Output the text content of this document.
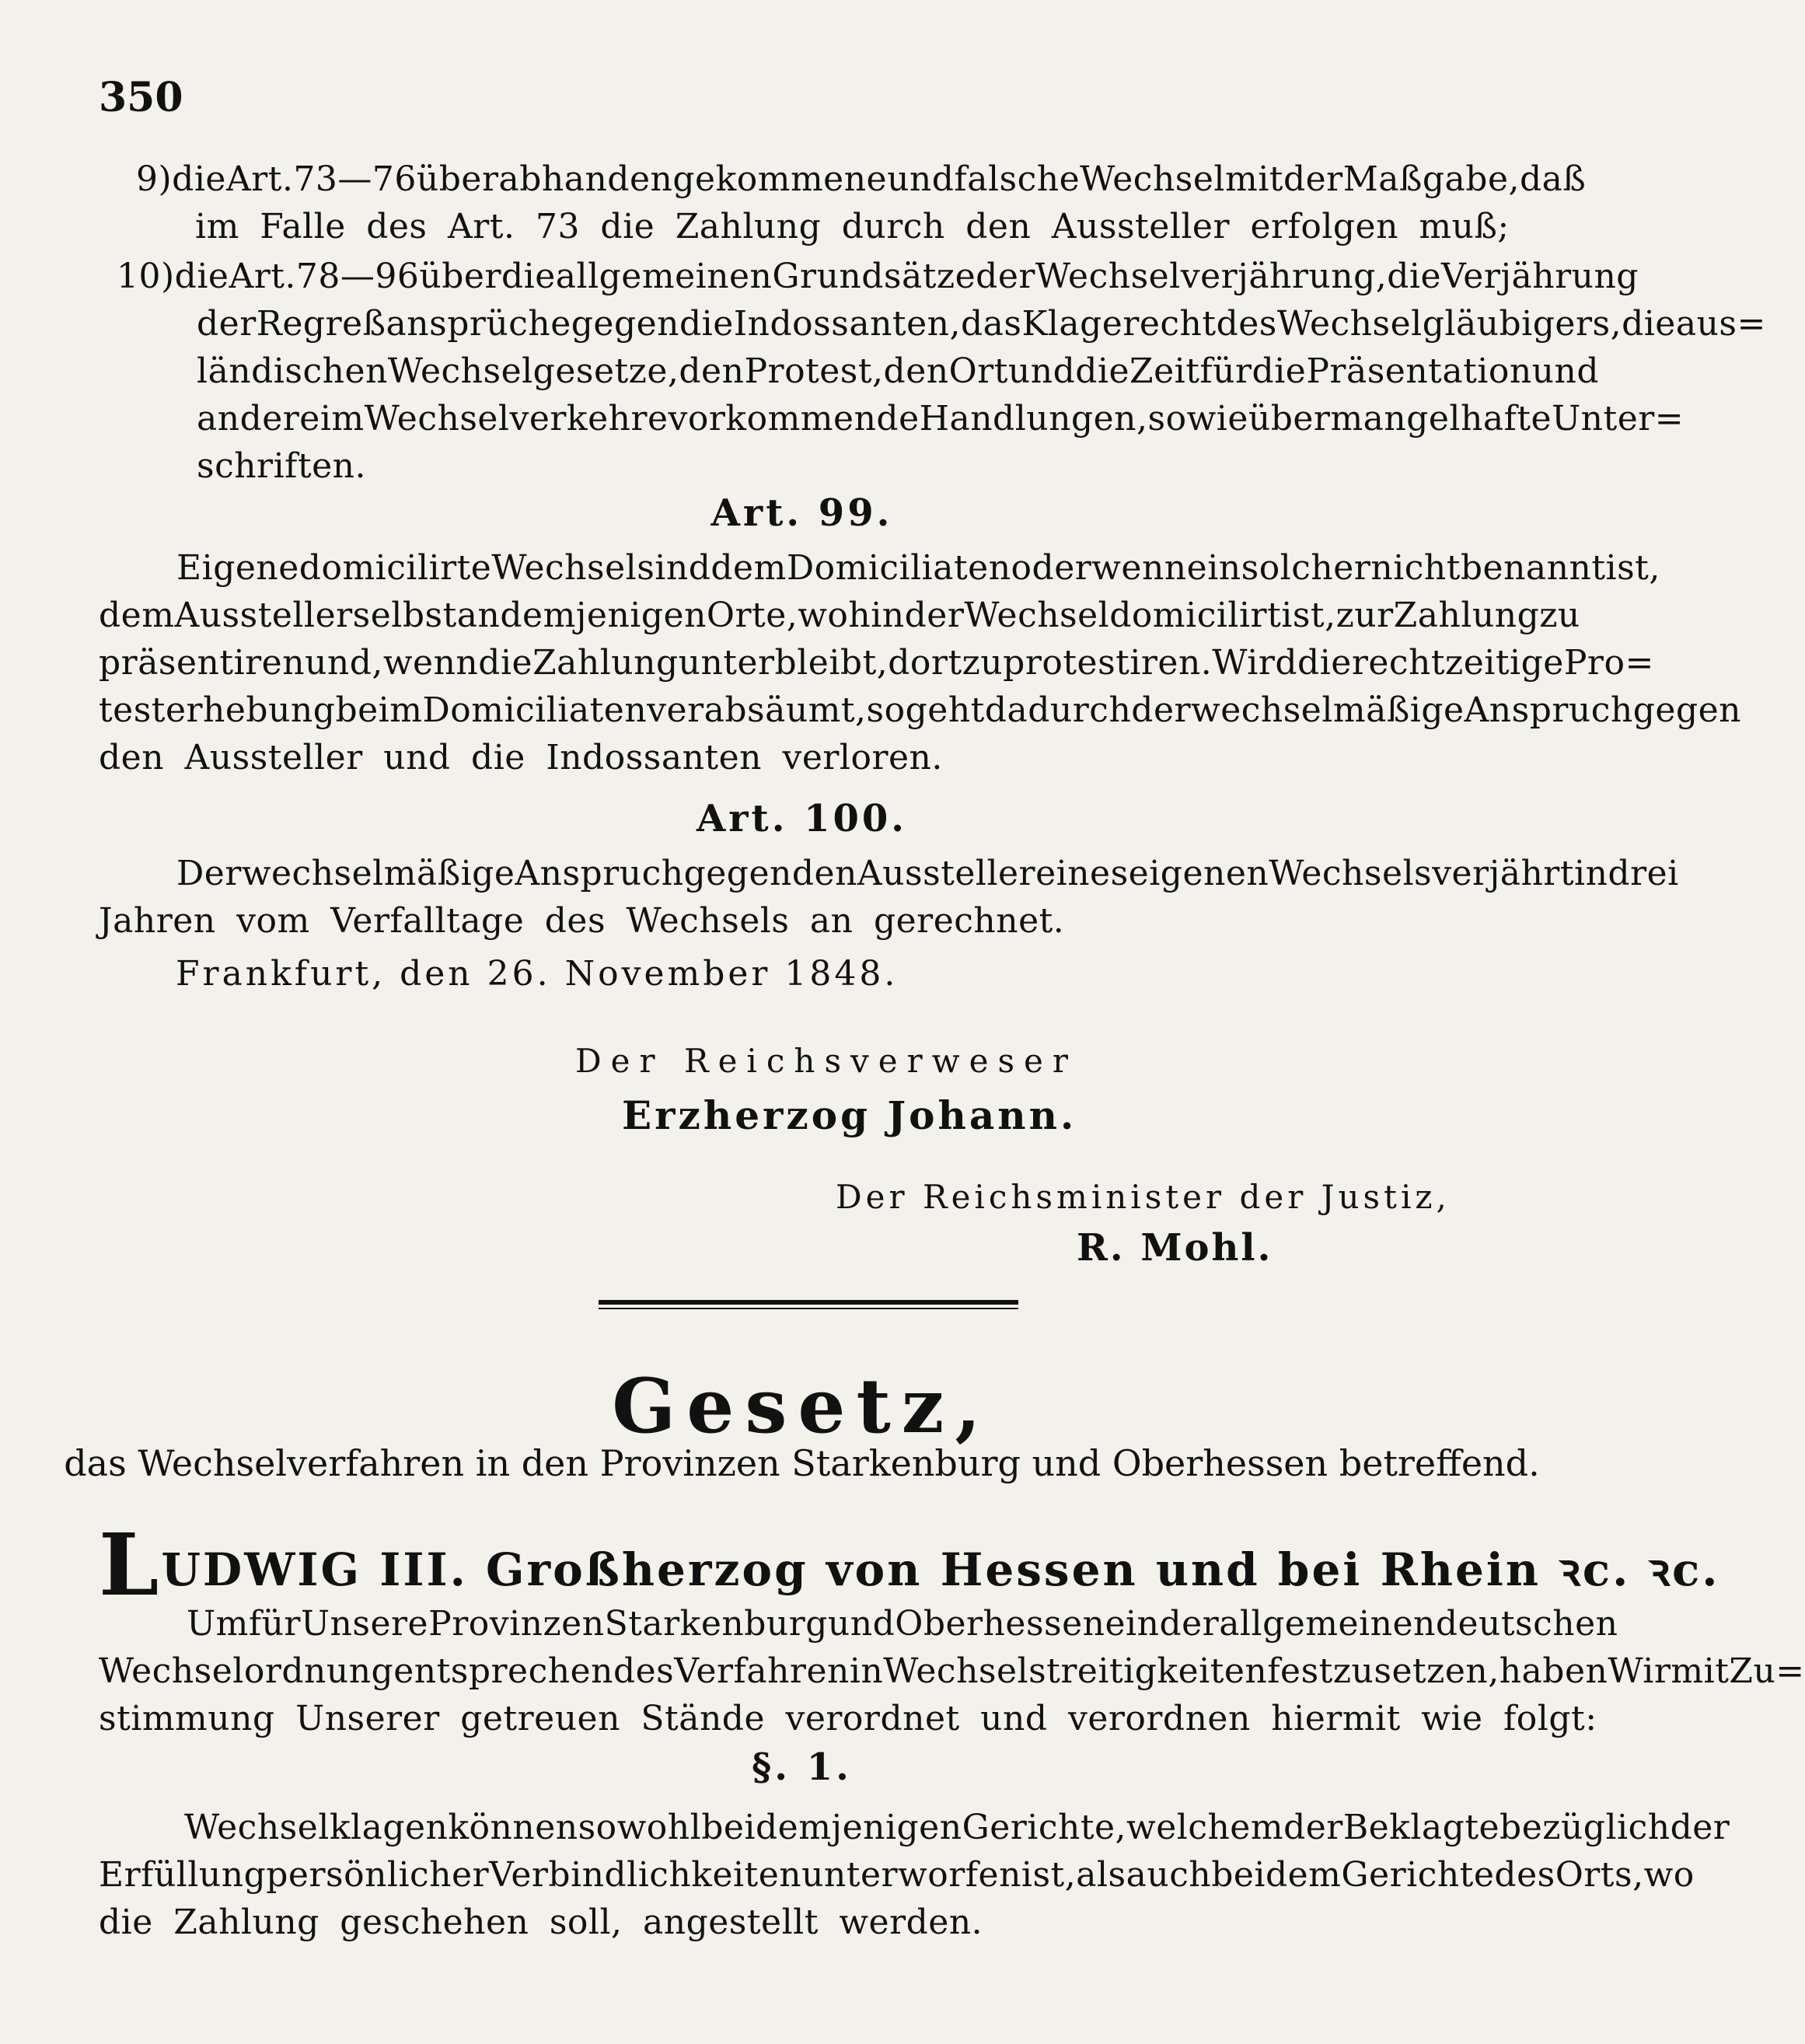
350
9) die Art. 73—76 über abhanden gekommene und falsche Wechsel mit der Maßgabe, daß
im Falle des Art. 73 die Zahlung durch den Aussteller erfolgen muß;
10) die Art. 78—96 über die allgemeinen Grundsätze der Wechselverjährung, die Verjährung
der Regreßansprüche gegen die Indossanten, das Klagerecht des Wechselgläubigers, die aus=
ländischen Wechselgesetze, den Protest, den Ort und die Zeit für die Präsentation und
andere im Wechselverkehre vorkommende Handlungen, so wie über mangelhafte Unter=
schriften.
Art. 99.
Eigene domicilirte Wechsel sind dem Domiciliaten oder wenn ein solcher nicht benannt ist,
dem Aussteller selbst an demjenigen Orte, wohin der Wechsel domicilirt ist, zur Zahlung zu
präsentiren und, wenn die Zahlung unterbleibt, dort zu protestiren. Wird die rechtzeitige Pro=
testerhebung beim Domiciliaten verabsäumt, so geht dadurch der wechselmäßige Anspruch gegen
den Aussteller und die Indossanten verloren.
Art. 100.
Der wechselmäßige Anspruch gegen den Aussteller eines eigenen Wechsels verjährt in drei
Jahren vom Verfalltage des Wechsels an gerechnet.
Frankfurt, den 26. November 1848.
Der Reichsverweser
Erzherzog Johann.
Der Reichsminister der Justiz,
R. Mohl.
Gesetz,
das Wechselverfahren in den Provinzen Starkenburg und Oberhessen betreffend.
LUDWIG III. Großherzog von Hessen und bei Rhein ꝛc. ꝛc.
Um für Unsere Provinzen Starkenburg und Oberhessen ein der allgemeinen deutschen
Wechselordnung entsprechendes Verfahren in Wechselstreitigkeiten festzusetzen, haben Wir mit Zu=
stimmung Unserer getreuen Stände verordnet und verordnen hiermit wie folgt:
§. 1.
Wechselklagen können sowohl bei demjenigen Gerichte, welchem der Beklagte bezüglich der
Erfüllung persönlicher Verbindlichkeiten unterworfen ist, als auch bei dem Gerichte des Orts, wo
die Zahlung geschehen soll, angestellt werden.
